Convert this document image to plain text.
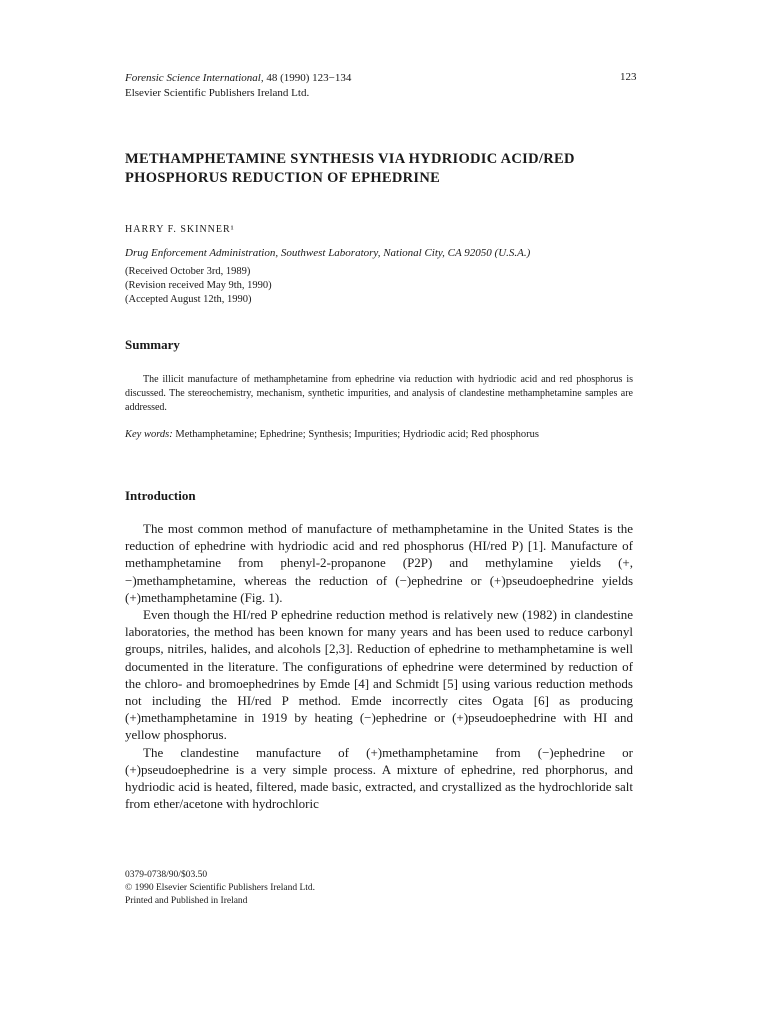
Forensic Science International, 48 (1990) 123−134
Elsevier Scientific Publishers Ireland Ltd.
123
METHAMPHETAMINE SYNTHESIS VIA HYDRIODIC ACID/RED PHOSPHORUS REDUCTION OF EPHEDRINE
HARRY F. SKINNER¹
Drug Enforcement Administration, Southwest Laboratory, National City, CA 92050 (U.S.A.)
(Received October 3rd, 1989)
(Revision received May 9th, 1990)
(Accepted August 12th, 1990)
Summary
The illicit manufacture of methamphetamine from ephedrine via reduction with hydriodic acid and red phosphorus is discussed. The stereochemistry, mechanism, synthetic impurities, and analysis of clandestine methamphetamine samples are addressed.
Key words: Methamphetamine; Ephedrine; Synthesis; Impurities; Hydriodic acid; Red phosphorus
Introduction

The most common method of manufacture of methamphetamine in the United States is the reduction of ephedrine with hydriodic acid and red phosphorus (HI/red P) [1]. Manufacture of methamphetamine from phenyl-2-propanone (P2P) and methylamine yields (+,−)methamphetamine, whereas the reduction of (−)ephedrine or (+)pseudoephedrine yields (+)methamphetamine (Fig. 1).

Even though the HI/red P ephedrine reduction method is relatively new (1982) in clandestine laboratories, the method has been known for many years and has been used to reduce carbonyl groups, nitriles, halides, and alcohols [2,3]. Reduction of ephedrine to methamphetamine is well documented in the literature. The configurations of ephedrine were determined by reduction of the chloro- and bromoephedrines by Emde [4] and Schmidt [5] using various reduction methods not including the HI/red P method. Emde incorrectly cites Ogata [6] as producing (+)methamphetamine in 1919 by heating (−)ephedrine or (+)pseudoephedrine with HI and yellow phosphorus.

The clandestine manufacture of (+)methamphetamine from (−)ephedrine or (+)pseudoephedrine is a very simple process. A mixture of ephedrine, red phorphorus, and hydriodic acid is heated, filtered, made basic, extracted, and crystallized as the hydrochloride salt from ether/acetone with hydrochloric

0379-0738/90/$03.50
© 1990 Elsevier Scientific Publishers Ireland Ltd.
Printed and Published in Ireland
